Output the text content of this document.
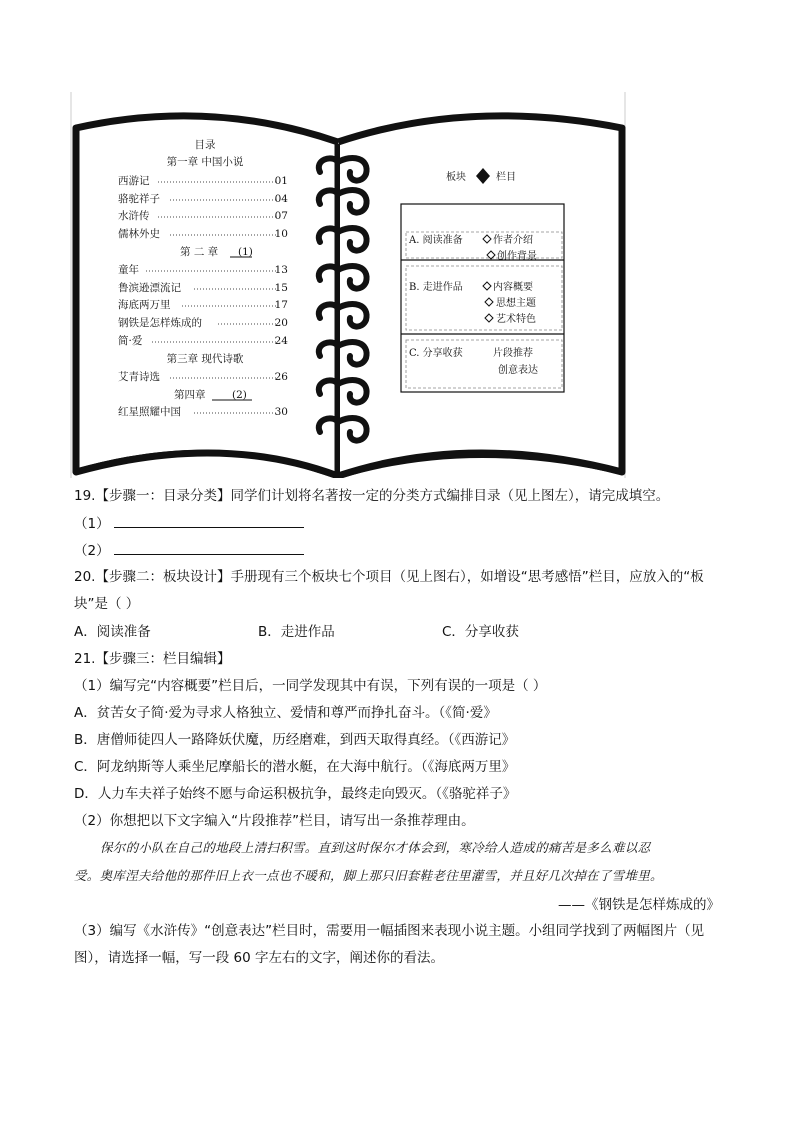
目录
第一章 中国小说
西游记	01
骆驼祥子	04
水浒传	07
儒林外史	10
第 二 章 (1)
童年	13
鲁滨逊漂流记	15
海底两万里	17
钢铁是怎样炼成的	20
简·爱	24
第三章 现代诗歌
艾青诗选	26
第四章	(2)
红星照耀中国	30
板块	栏目
A. 阅读准备	作者介绍
创作背景
B. 走进作品	内容概要
思想主题
艺术特色
C. 分享收获	片段推荐
创意表达
19.【步骤一：目录分类】同学们计划将名著按一定的分类方式编排目录（见上图左），请完成填空。
（1）
（2）
20.【步骤二：板块设计】手册现有三个板块七个项目（见上图右），如增设“思考感悟”栏目，应放入的“板
块”是（ ）
A．阅读准备	B．走进作品	C．分享收获
21.【步骤三：栏目编辑】
（1）编写完“内容概要”栏目后，一同学发现其中有误，下列有误的一项是（ ）
A．贫苦女子简·爱为寻求人格独立、爱情和尊严而挣扎奋斗。（《简·爱》
B．唐僧师徒四人一路降妖伏魔，历经磨难，到西天取得真经。（《西游记》
C．阿龙纳斯等人乘坐尼摩船长的潜水艇，在大海中航行。（《海底两万里》
D．人力车夫祥子始终不愿与命运积极抗争，最终走向毁灭。（《骆驼祥子》
（2）你想把以下文字编入“片段推荐”栏目，请写出一条推荐理由。
保尔的小队在自己的地段上清扫积雪。直到这时保尔才体会到，寒冷给人造成的痛苦是多么难以忍
受。奥库涅夫给他的那件旧上衣一点也不暖和，脚上那只旧套鞋老往里灌雪，并且好几次掉在了雪堆里。
——《钢铁是怎样炼成的》
（3）编写《水浒传》“创意表达”栏目时，需要用一幅插图来表现小说主题。小组同学找到了两幅图片（见
图），请选择一幅，写一段 60 字左右的文字，阐述你的看法。
